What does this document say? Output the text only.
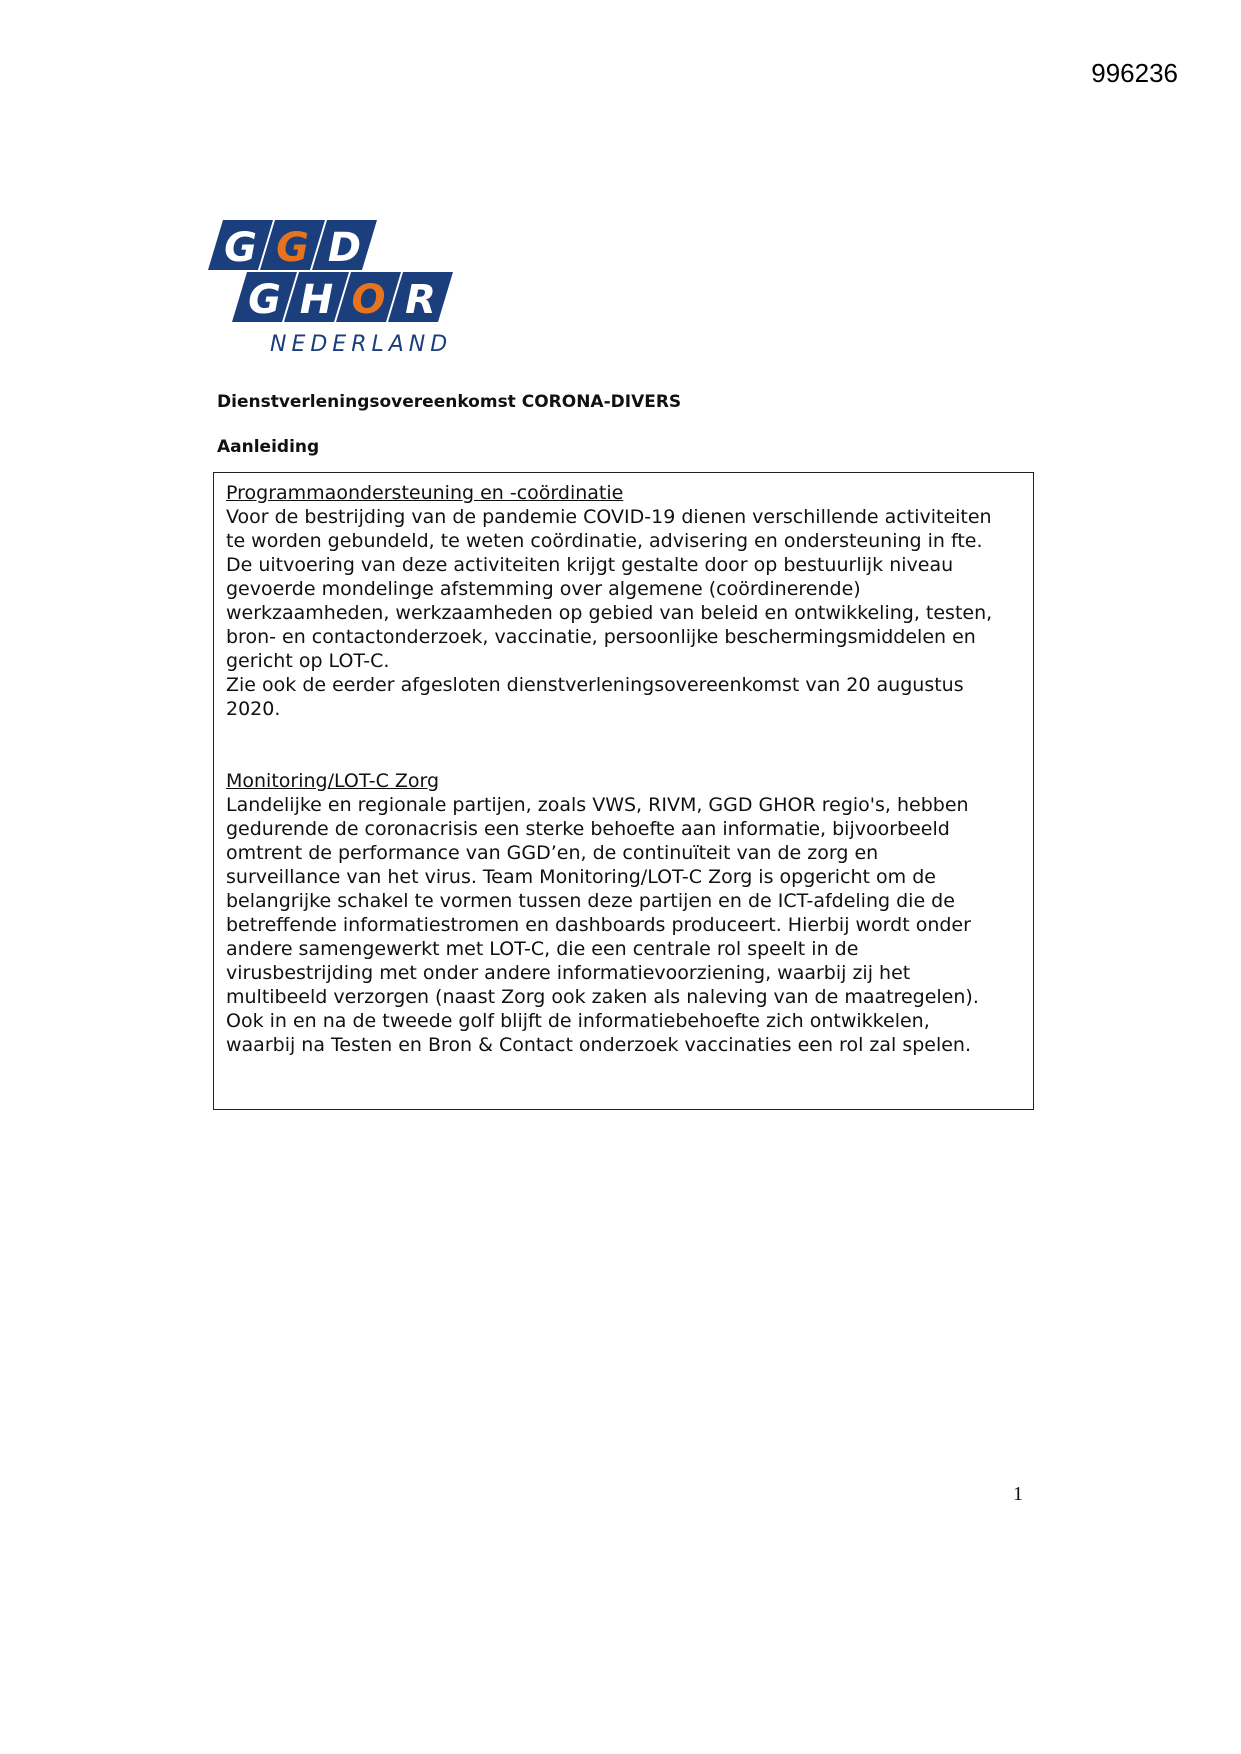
996236
G G D
G H O R
NEDERLAND
Dienstverleningsovereenkomst CORONA-DIVERS
Aanleiding

Programmaondersteuning en -coördinatie

Voor de bestrijding van de pandemie COVID-19 dienen verschillende activiteiten
te worden gebundeld, te weten coördinatie, advisering en ondersteuning in fte.
De uitvoering van deze activiteiten krijgt gestalte door op bestuurlijk niveau
gevoerde mondelinge afstemming over algemene (coördinerende)
werkzaamheden, werkzaamheden op gebied van beleid en ontwikkeling, testen,
bron- en contactonderzoek, vaccinatie, persoonlijke beschermingsmiddelen en
gericht op LOT-C.
Zie ook de eerder afgesloten dienstverleningsovereenkomst van 20 augustus
2020.

Monitoring/LOT-C Zorg

Landelijke en regionale partijen, zoals VWS, RIVM, GGD GHOR regio's, hebben
gedurende de coronacrisis een sterke behoefte aan informatie, bijvoorbeeld
omtrent de performance van GGD’en, de continuïteit van de zorg en
surveillance van het virus. Team Monitoring/LOT-C Zorg is opgericht om de
belangrijke schakel te vormen tussen deze partijen en de ICT-afdeling die de
betreffende informatiestromen en dashboards produceert. Hierbij wordt onder
andere samengewerkt met LOT-C, die een centrale rol speelt in de
virusbestrijding met onder andere informatievoorziening, waarbij zij het
multibeeld verzorgen (naast Zorg ook zaken als naleving van de maatregelen).
Ook in en na de tweede golf blijft de informatiebehoefte zich ontwikkelen,
waarbij na Testen en Bron & Contact onderzoek vaccinaties een rol zal spelen.

1
